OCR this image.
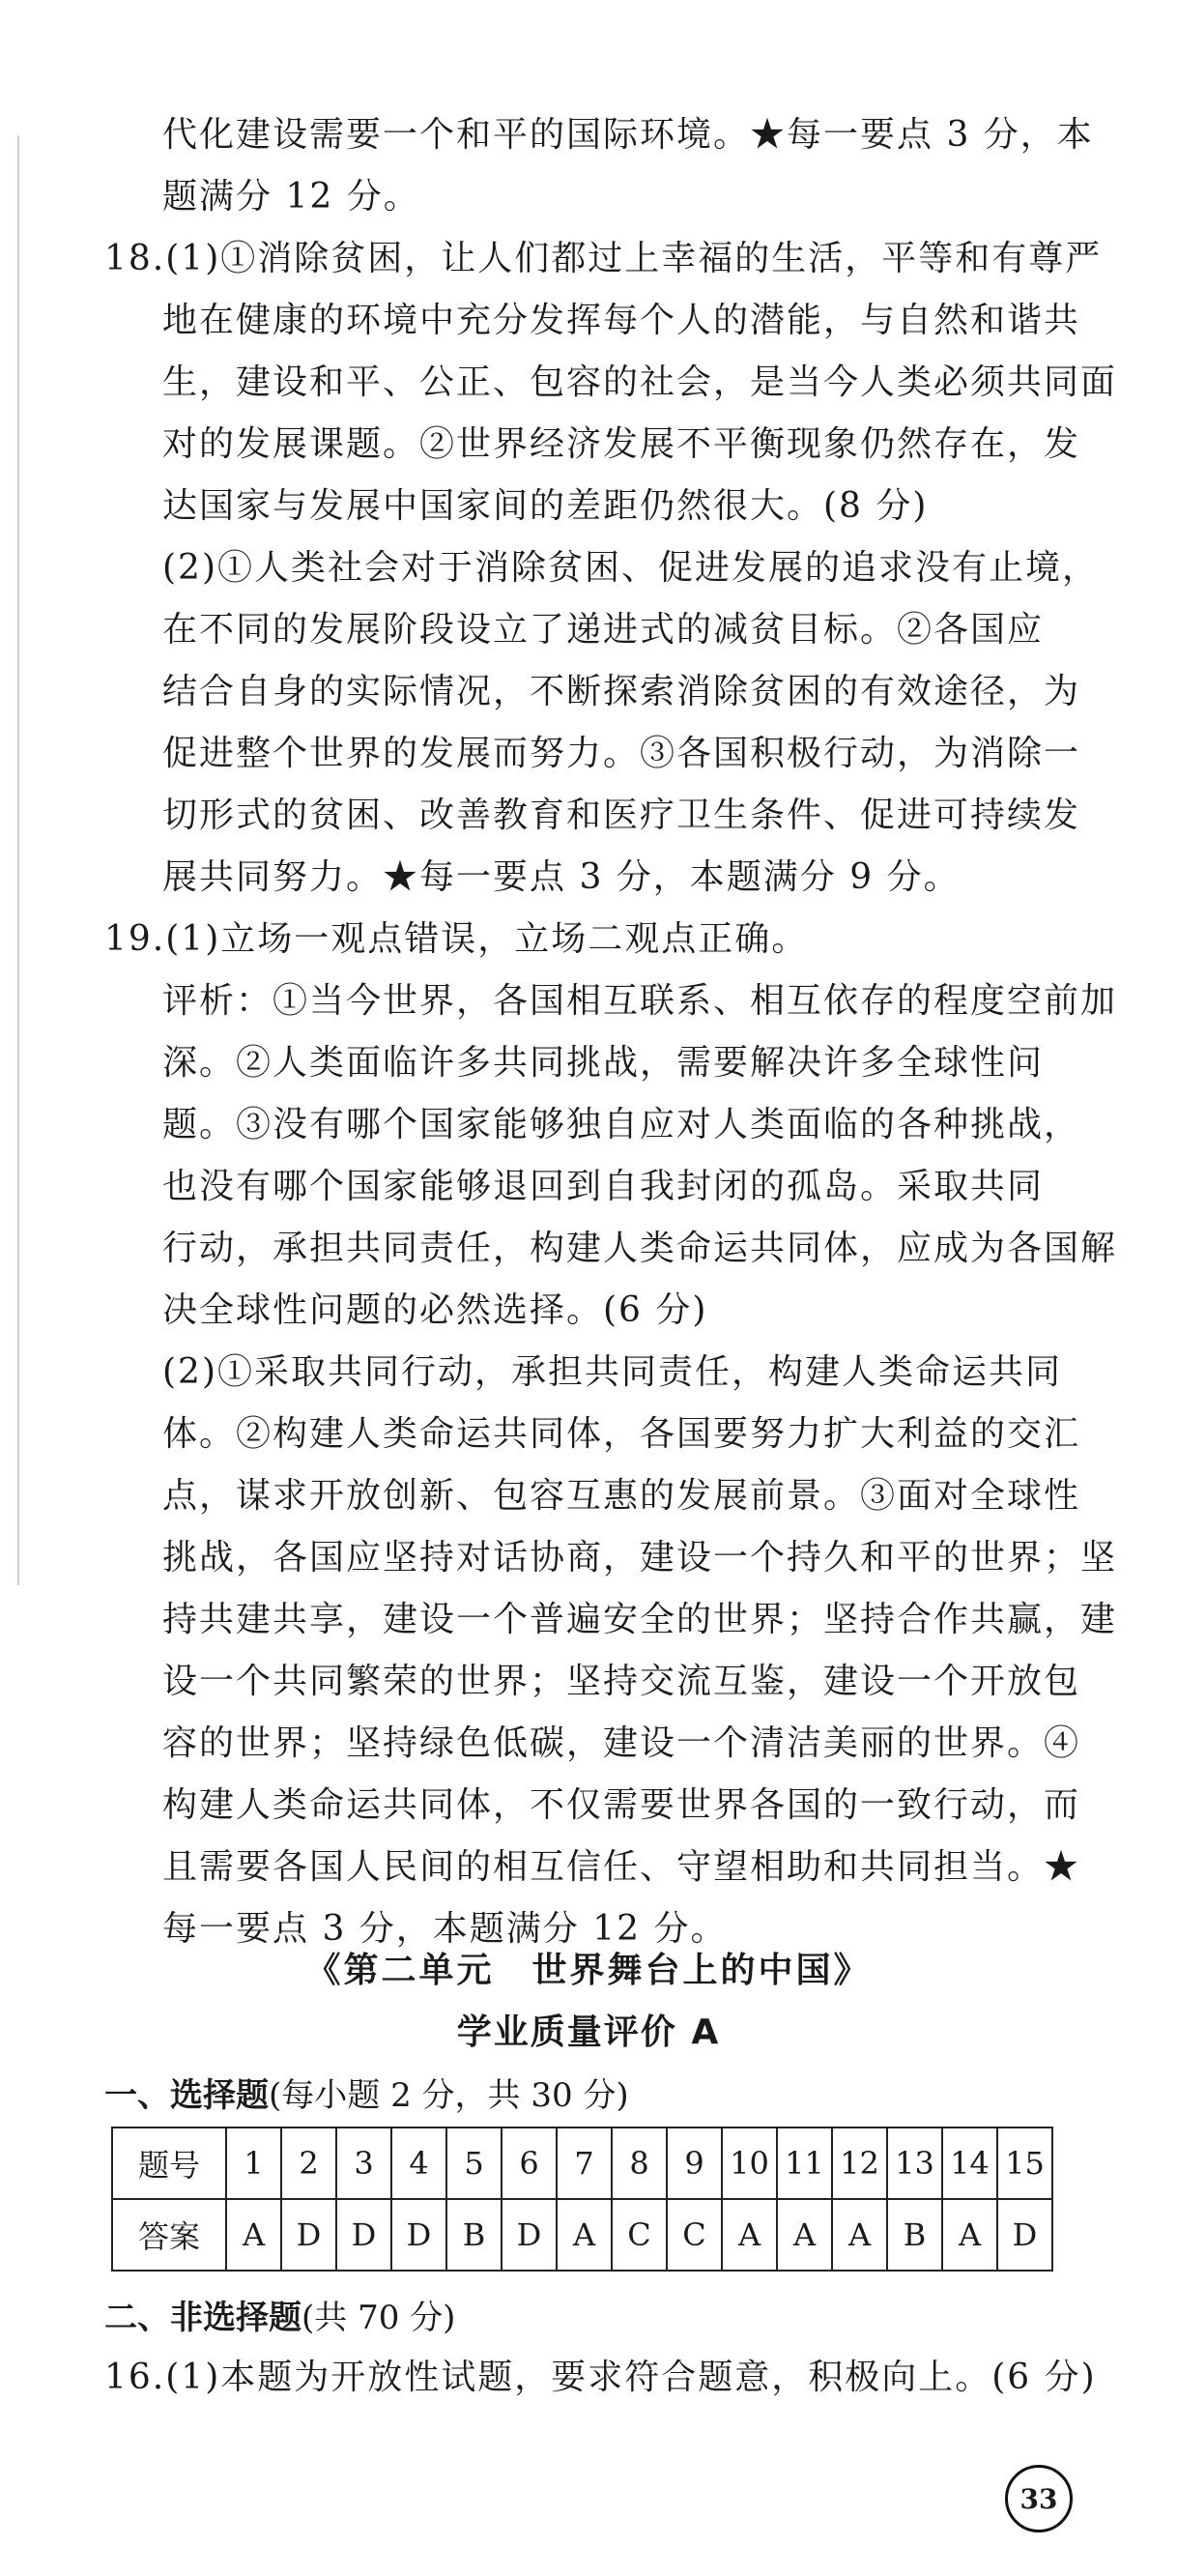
代化建设需要一个和平的国际环境。★每一要点 3 分，本
题满分 12 分。
18.(1)①消除贫困，让人们都过上幸福的生活，平等和有尊严
地在健康的环境中充分发挥每个人的潜能，与自然和谐共
生，建设和平、公正、包容的社会，是当今人类必须共同面
对的发展课题。②世界经济发展不平衡现象仍然存在，发
达国家与发展中国家间的差距仍然很大。(8 分)
(2)①人类社会对于消除贫困、促进发展的追求没有止境，
在不同的发展阶段设立了递进式的减贫目标。②各国应
结合自身的实际情况，不断探索消除贫困的有效途径，为
促进整个世界的发展而努力。③各国积极行动，为消除一
切形式的贫困、改善教育和医疗卫生条件、促进可持续发
展共同努力。★每一要点 3 分，本题满分 9 分。
19.(1)立场一观点错误，立场二观点正确。
评析：①当今世界，各国相互联系、相互依存的程度空前加
深。②人类面临许多共同挑战，需要解决许多全球性问
题。③没有哪个国家能够独自应对人类面临的各种挑战，
也没有哪个国家能够退回到自我封闭的孤岛。采取共同
行动，承担共同责任，构建人类命运共同体，应成为各国解
决全球性问题的必然选择。(6 分)
(2)①采取共同行动，承担共同责任，构建人类命运共同
体。②构建人类命运共同体，各国要努力扩大利益的交汇
点，谋求开放创新、包容互惠的发展前景。③面对全球性
挑战，各国应坚持对话协商，建设一个持久和平的世界；坚
持共建共享，建设一个普遍安全的世界；坚持合作共赢，建
设一个共同繁荣的世界；坚持交流互鉴，建设一个开放包
容的世界；坚持绿色低碳，建设一个清洁美丽的世界。④
构建人类命运共同体，不仅需要世界各国的一致行动，而
且需要各国人民间的相互信任、守望相助和共同担当。★
每一要点 3 分，本题满分 12 分。
《第二单元　世界舞台上的中国》
学业质量评价 A
一、选择题(每小题 2 分，共 30 分)
题号	1	2	3	4	5	6	7	8	9	10	11	12	13	14	15
答案	A	D	D	D	B	D	A	C	C	A	A	A	B	A	D
二、非选择题(共 70 分)
16.(1)本题为开放性试题，要求符合题意，积极向上。(6 分)
33
